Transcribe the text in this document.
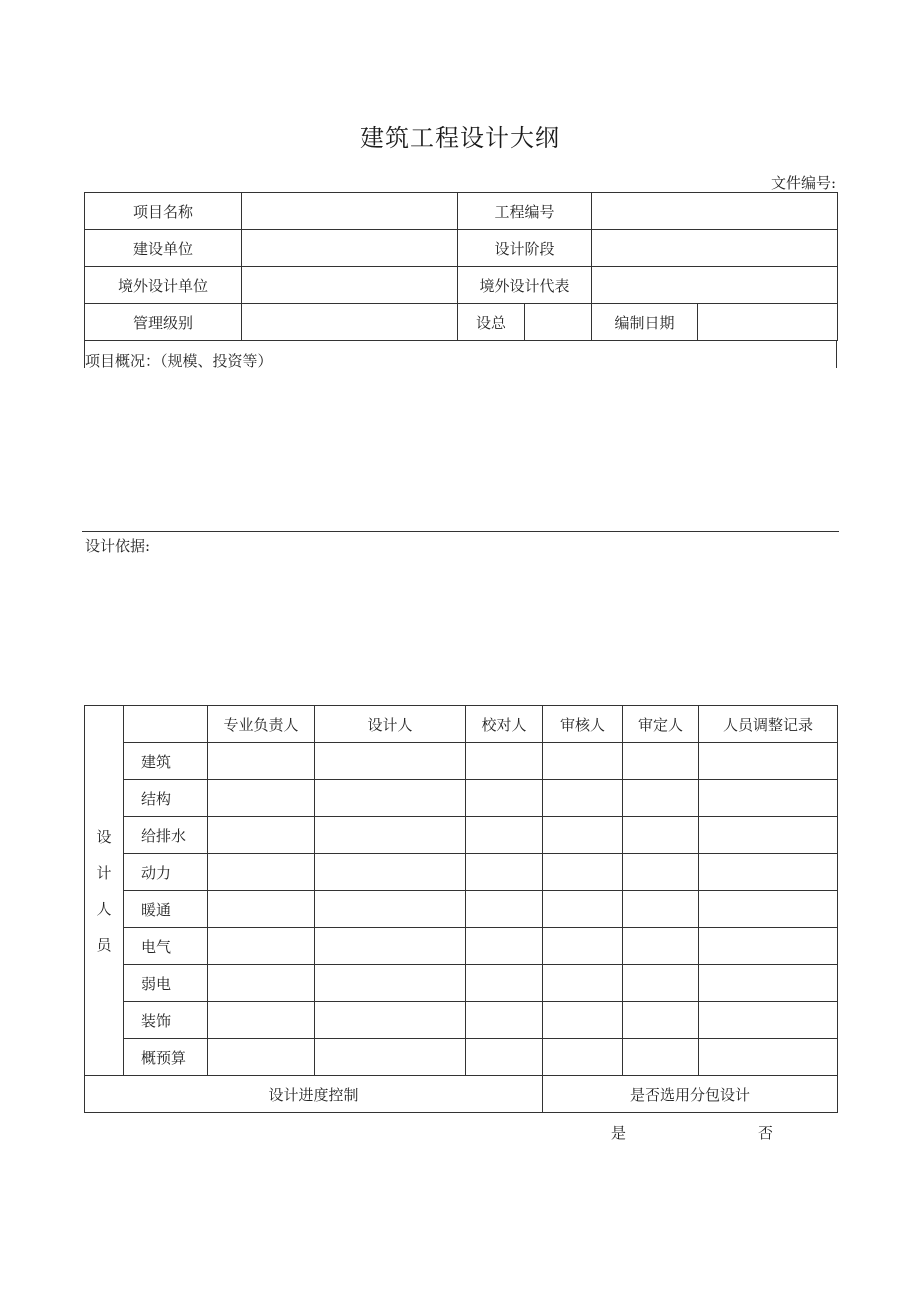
建筑工程设计大纲
文件编号:
项目名称		工程编号			
建设单位		设计阶段			
境外设计单位		境外设计代表			
管理级别		设总		编制日期	
项目概况：（规模、投资等）
设计依据:
设
计
人
员		专业负责人	设计人	校对人	审核人	审定人	人员调整记录
	建筑						
	结构						
	给排水						
	动力						
	暖通						
	电气						
	弱电						
	装饰						
	概预算						
设计进度控制					是否选用分包设计		
是	否
